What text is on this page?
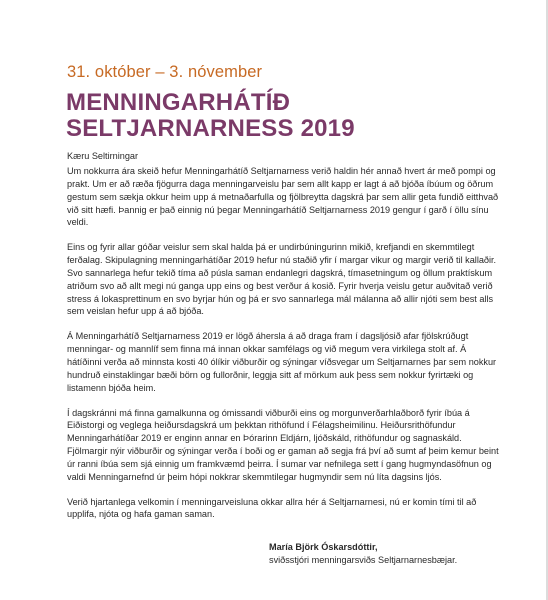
31. október – 3. nóvember
MENNINGARHÁTÍÐ
SELTJARNARNESS 2019

Kæru Seltirningar

Um nokkurra ára skeið hefur Menningarhátíð Seltjarnarness verið haldin hér annað hvert ár með pompi og prakt. Um er að ræða fjögurra daga menningarveislu þar sem allt kapp er lagt á að bjóða íbúum og öðrum gestum sem sækja okkur heim upp á metnaðarfulla og fjölbreytta dagskrá þar sem allir geta fundið eitthvað við sitt hæfi. Þannig er það einnig nú þegar Menningarhátíð Seltjarnarness 2019 gengur í garð í öllu sínu veldi.

Eins og fyrir allar góðar veislur sem skal halda þá er undirbúningurinn mikið, krefjandi en skemmtilegt ferðalag. Skipulagning menningarhátíðar 2019 hefur nú staðið yfir í margar vikur og margir verið til kallaðir. Svo sannarlega hefur tekið tíma að púsla saman endanlegri dagskrá, tímasetningum og öllum praktískum atriðum svo að allt megi nú ganga upp eins og best verður á kosið. Fyrir hverja veislu getur auðvitað verið stress á lokasprettinum en svo byrjar hún og þá er svo sannarlega mál málanna að allir njóti sem best alls sem veislan hefur upp á að bjóða.

Á Menningarhátíð Seltjarnarness 2019 er lögð áhersla á að draga fram í dagsljósið afar fjölskrúðugt menningar- og mannlíf sem finna má innan okkar samfélags og við megum vera virkilega stolt af. Á hátíðinni verða að minnsta kosti 40 ólíkir viðburðir og sýningar víðsvegar um Seltjarnarnes þar sem nokkur hundruð einstaklingar bæði börn og fullorðnir, leggja sitt af mörkum auk þess sem nokkur fyrirtæki og listamenn bjóða heim.

Í dagskránni má finna gamalkunna og ómissandi viðburði eins og morgunverðarhlaðborð fyrir íbúa á Eiðistorgi og veglega heiðursdagskrá um þekktan rithöfund í Félagsheimilinu. Heiðursrithöfundur Menningarhátíðar 2019 er enginn annar en Þórarinn Eldjárn, ljóðskáld, rithöfundur og sagnaskáld. Fjölmargir nýir viðburðir og sýningar verða í boði og er gaman að segja frá því að sumt af þeim kemur beint úr ranni íbúa sem sjá einnig um framkvæmd þeirra. Í sumar var nefnilega sett í gang hugmyndasöfnun og valdi Menningarnefnd úr þeim hópi nokkrar skemmtilegar hugmyndir sem nú líta dagsins ljós.

Verið hjartanlega velkomin í menningarveisluna okkar allra hér á Seltjarnarnesi, nú er komin tími til að upplifa, njóta og hafa gaman saman.

María Björk Óskarsdóttir,
sviðsstjóri menningarsviðs Seltjarnarnesbæjar.
